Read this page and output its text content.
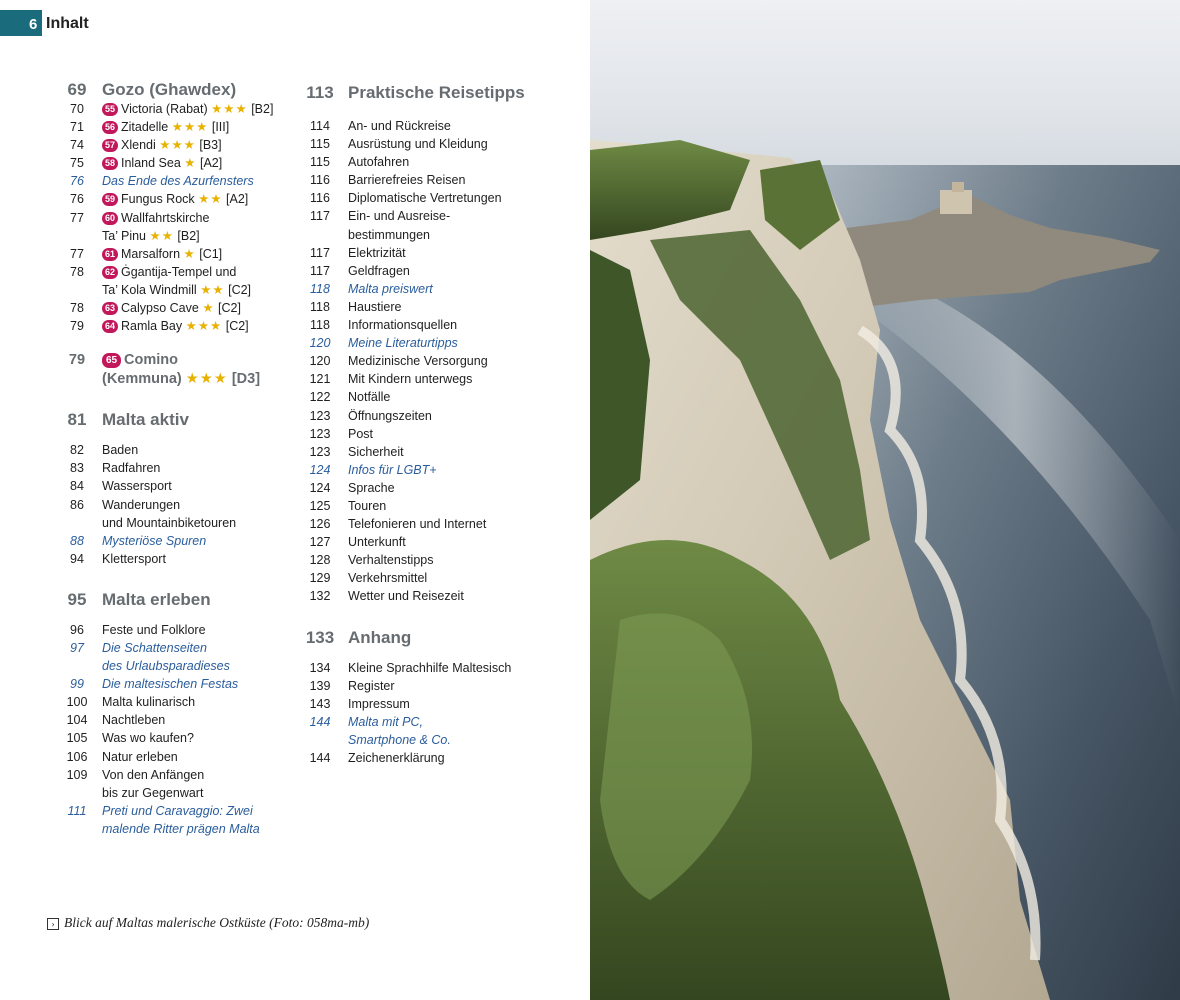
6 Inhalt
69 Gozo (Ghawdex)
70	55 Victoria (Rabat) ★★★ [B2]
71	56 Zitadelle ★★★ [III]
74	57 Xlendi ★★★ [B3]
75	58 Inland Sea ★ [A2]
76	Das Ende des Azurfensters
76	59 Fungus Rock ★★ [A2]
77	60 Wallfahrtskirche
Ta’ Pinu ★★ [B2]
77	61 Marsalforn ★ [C1]
78	62 Ġgantija-Tempel und
Ta’ Kola Windmill ★★ [C2]
78	63 Calypso Cave ★ [C2]
79	64 Ramla Bay ★★★ [C2]
79	65 Comino
(Kemmuna) ★★★ [D3]
81 Malta aktiv
82	Baden
83	Radfahren
84	Wassersport
86	Wanderungen
und Mountainbiketouren
88	Mysteriöse Spuren
94	Klettersport
95 Malta erleben
96	Feste und Folklore
97	Die Schattenseiten
des Urlaubsparadieses
99	Die maltesischen Festas
100	Malta kulinarisch
104	Nachtleben
105	Was wo kaufen?
106	Natur erleben
109	Von den Anfängen
bis zur Gegenwart
111	Preti und Caravaggio: Zwei
malende Ritter prägen Malta
113 Praktische Reisetipps
114	An- und Rückreise
115	Ausrüstung und Kleidung
115	Autofahren
116	Barrierefreies Reisen
116	Diplomatische Vertretungen
117	Ein- und Ausreise-
bestimmungen
117	Elektrizität
117	Geldfragen
118	Malta preiswert
118	Haustiere
118	Informationsquellen
120	Meine Literaturtipps
120	Medizinische Versorgung
121	Mit Kindern unterwegs
122	Notfälle
123	Öffnungszeiten
123	Post
123	Sicherheit
124	Infos für LGBT+
124	Sprache
125	Touren
126	Telefonieren und Internet
127	Unterkunft
128	Verhaltenstipps
129	Verkehrsmittel
132	Wetter und Reisezeit
133 Anhang
134	Kleine Sprachhilfe Maltesisch
139	Register
143	Impressum
144	Malta mit PC,
Smartphone & Co.
144	Zeichenerklärung
› Blick auf Maltas malerische Ostküste (Foto: 058ma-mb)
